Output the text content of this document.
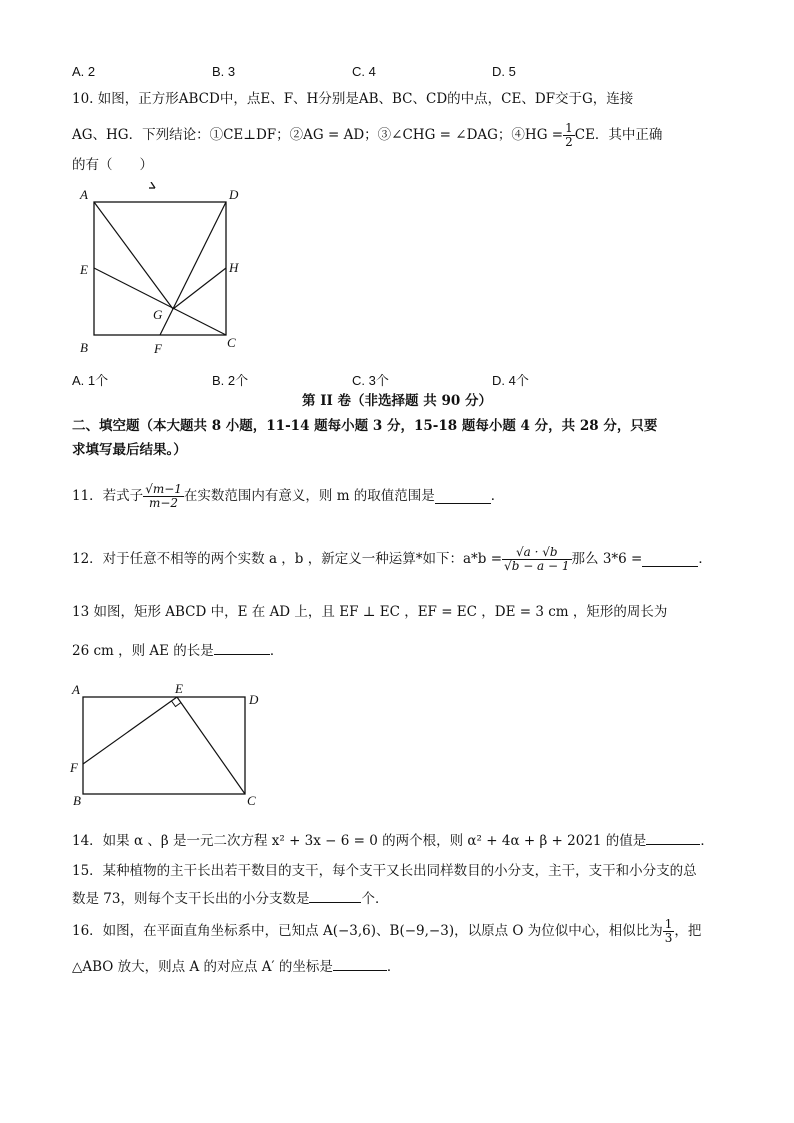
A. 2	B. 3	C. 4	D. 5
10. 如图，正方形ABCD中，点E、F、H分别是AB、BC、CD的中点，CE、DF交于G，连接
AG、HG．下列结论：①CE⊥DF；②AG = AD；③∠CHG = ∠DAG；④HG = $\frac{1}{2}$ CE．其中正确
的有（　　）
A	D
E	H
G
B	F	C
A. 1个	B. 2个	C. 3个	D. 4个
第 II 卷（非选择题 共 90 分）
二、填空题（本大题共 8 小题，11-14 题每小题 3 分，15-18 题每小题 4 分，共 28 分，只要
求填写最后结果。）
11．若式子 $\frac{√m-1}{m-2}$ 在实数范围内有意义，则 m 的取值范围是	．
12．对于任意不相等的两个实数 a ，b ，新定义一种运算*如下：$a*b = \frac{√a \cdot √b}{√b - a - 1}$ 那么 3*6 =	．
13 如图，矩形 ABCD 中，E 在 AD 上，且 EF ⊥ EC ，EF = EC ，DE = 3 cm ，矩形的周长为
26 cm ，则 AE 的长是	．
A	E
D
F
B	C
14．如果 α 、β 是一元二次方程 x² + 3x − 6 = 0 的两个根，则 α² + 4α + β + 2021 的值是	．
15．某种植物的主干长出若干数目的支干，每个支干又长出同样数目的小分支，主干，支干和小分支的总
数是 73，则每个支干长出的小分支数是	个．
16．如图，在平面直角坐标系中，已知点 A(−3,6)、B(−9,−3)，以原点 O 为位似中心，相似比为 $\frac{1}{3}$ ，把
△ABO 放大，则点 A 的对应点 A′ 的坐标是	．
